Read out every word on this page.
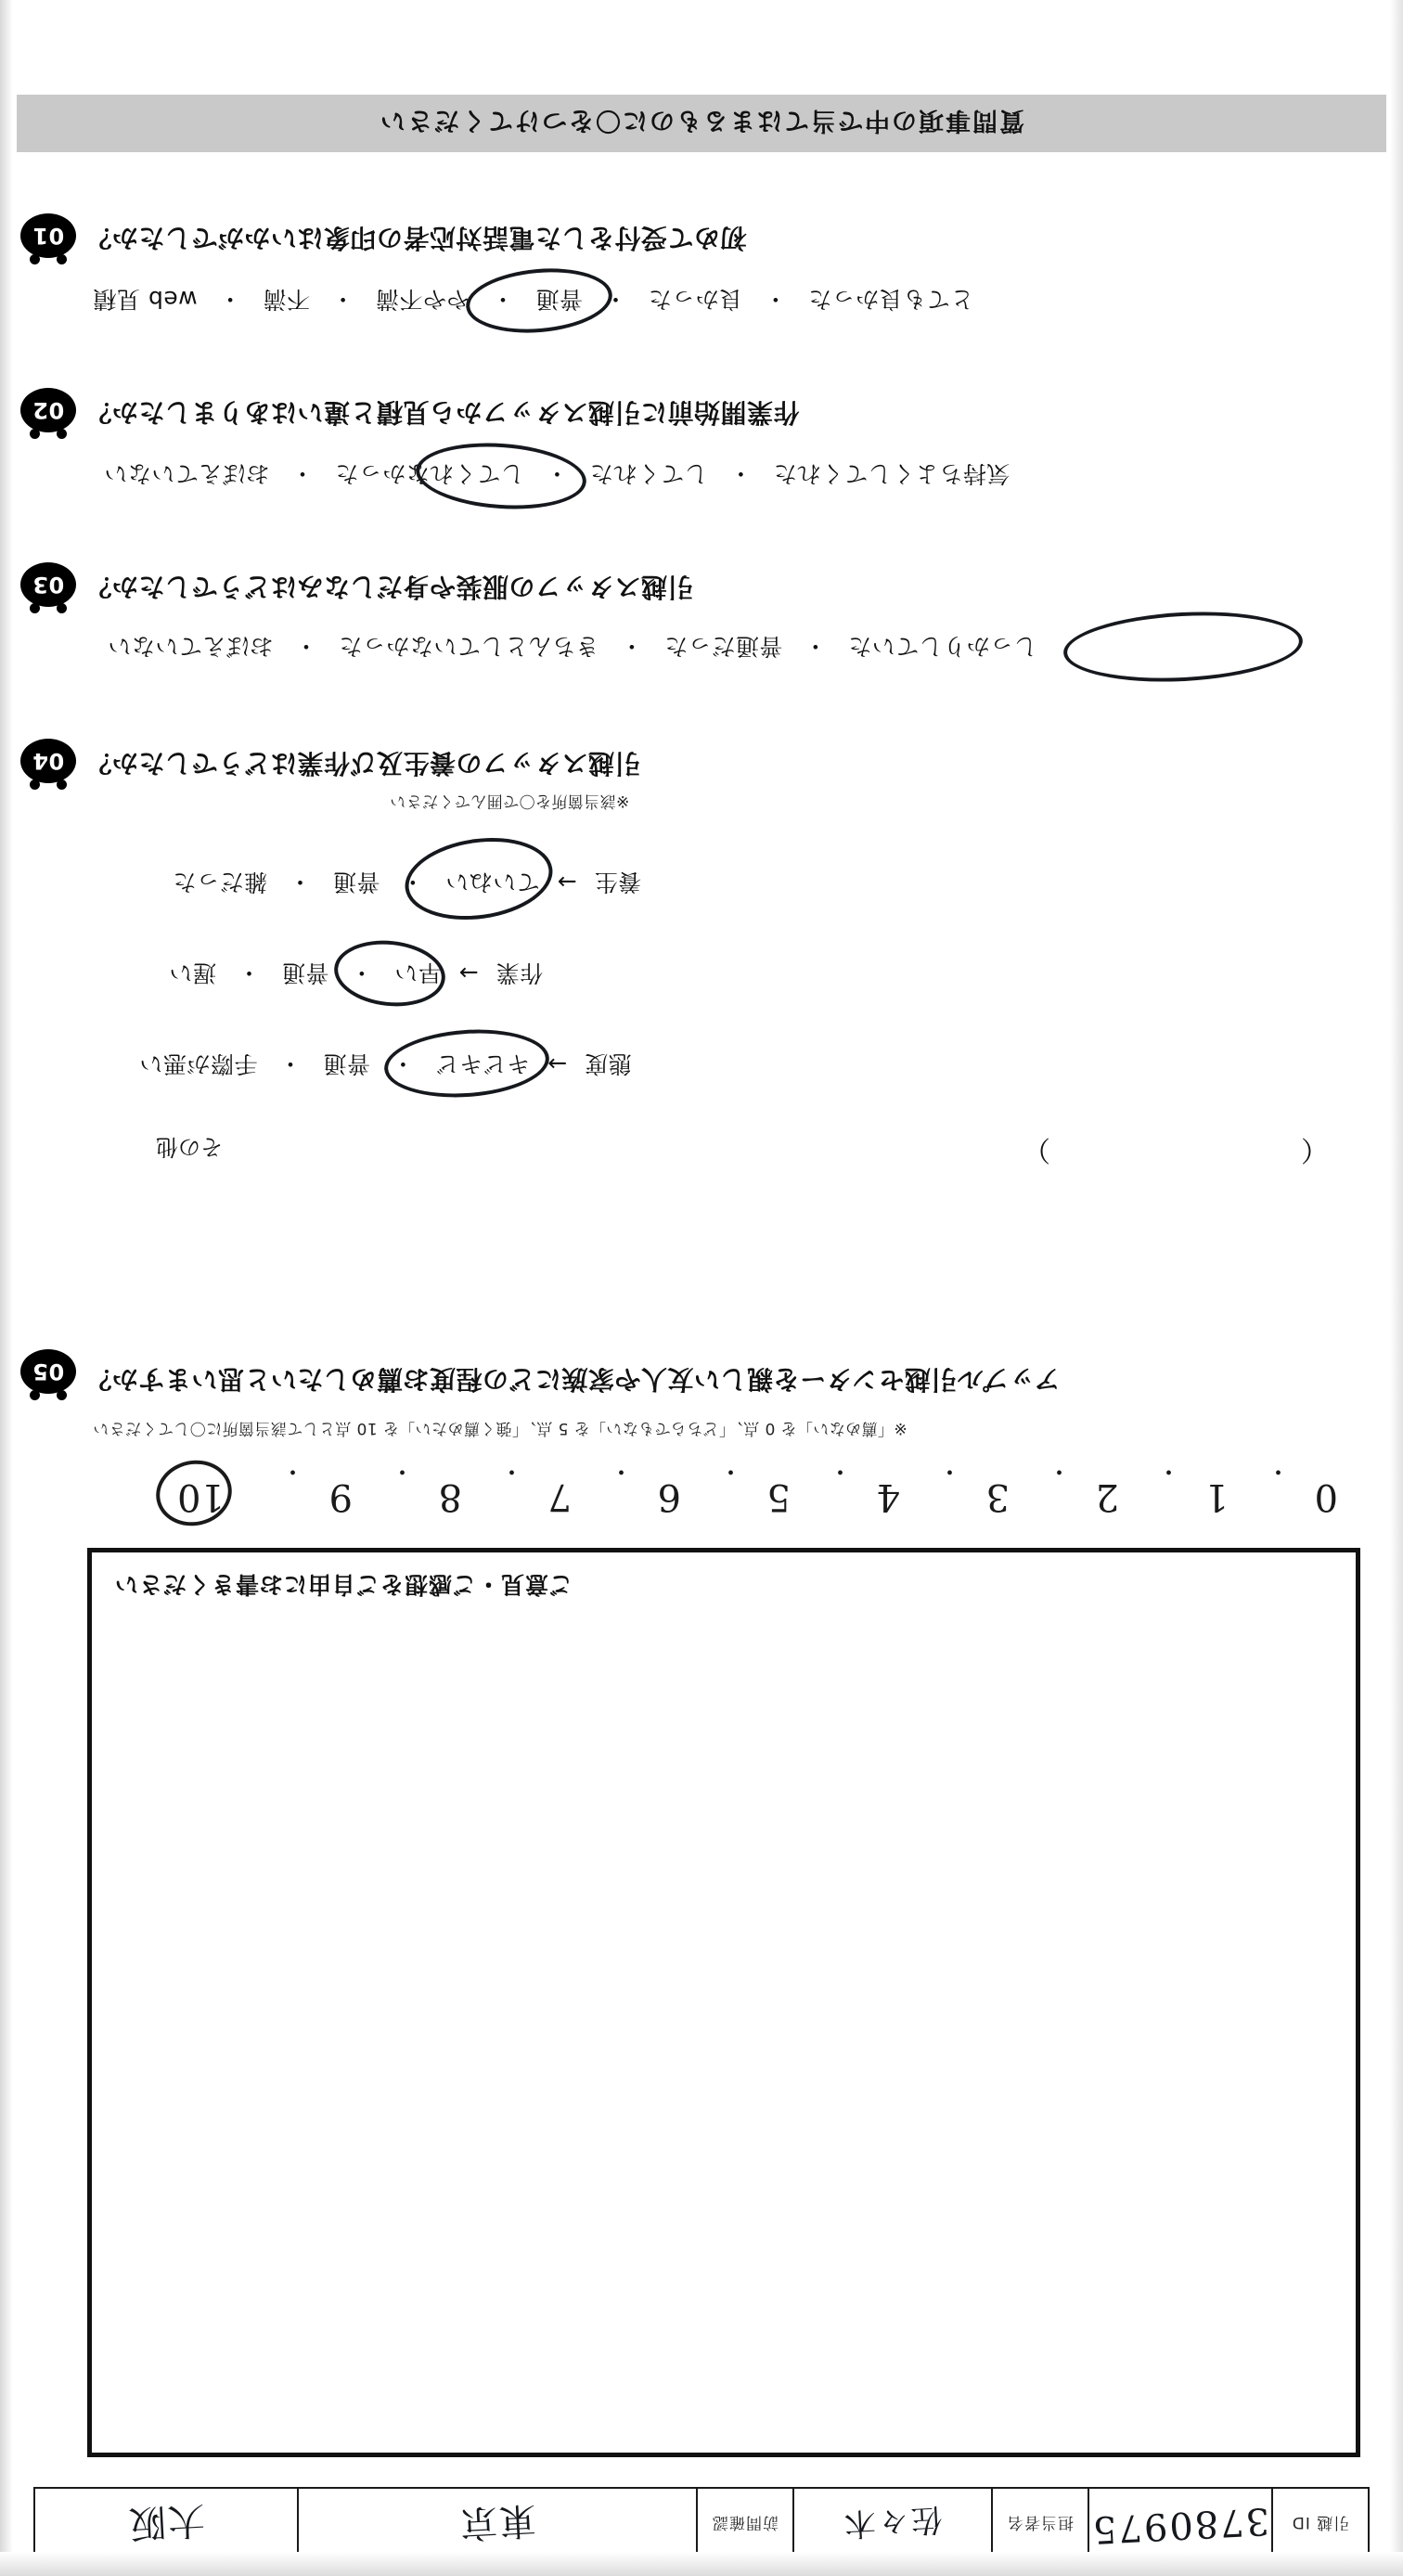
引越 ID
3780975
担当者名
佐々木
訪問確認
東京
大阪
ご意見・ご感想をご自由にお書きください
0
･
1
･
2
･
3
･
4
･
5
･
6
･
7
･
8
･
9
･
10
※「薦めない」を 0 点、「どちらでもない」を 5 点、「強く薦めたい」を 10 点として該当箇所に〇してください
05 アップル引越センターを親しい友人や家族にどの程度お薦めしたいと思いますか？
その他	（　　　　　　　　　）
態度 → キビキビ ・ 普通 ・ 手際が悪い
作業 → 早い ・ 普通 ・ 遅い
養生 → ていねい ・ 普通 ・ 雑だった
※該当箇所を〇で囲んでください
04 引越スタッフの養生及び作業はどうでしたか？
しっかりしていた ・ 普通だった ・ きちんとしていなかった ・ おぼえていない
03 引越スタッフの服装や身だしなみはどうでしたか？
気持ちよくしてくれた ・ してくれた ・ してくれなかった ・ おぼえていない
02 作業開始前に引越スタッフから見積と違いはありましたか？
とても良かった ・ 良かった ・ 普通 ・ やや不満 ・ 不満 ・ web 見積
01 初めて受付をした電話対応者の印象はいかがでしたか？
質問事項の中で当てはまるものに〇をつけてください
